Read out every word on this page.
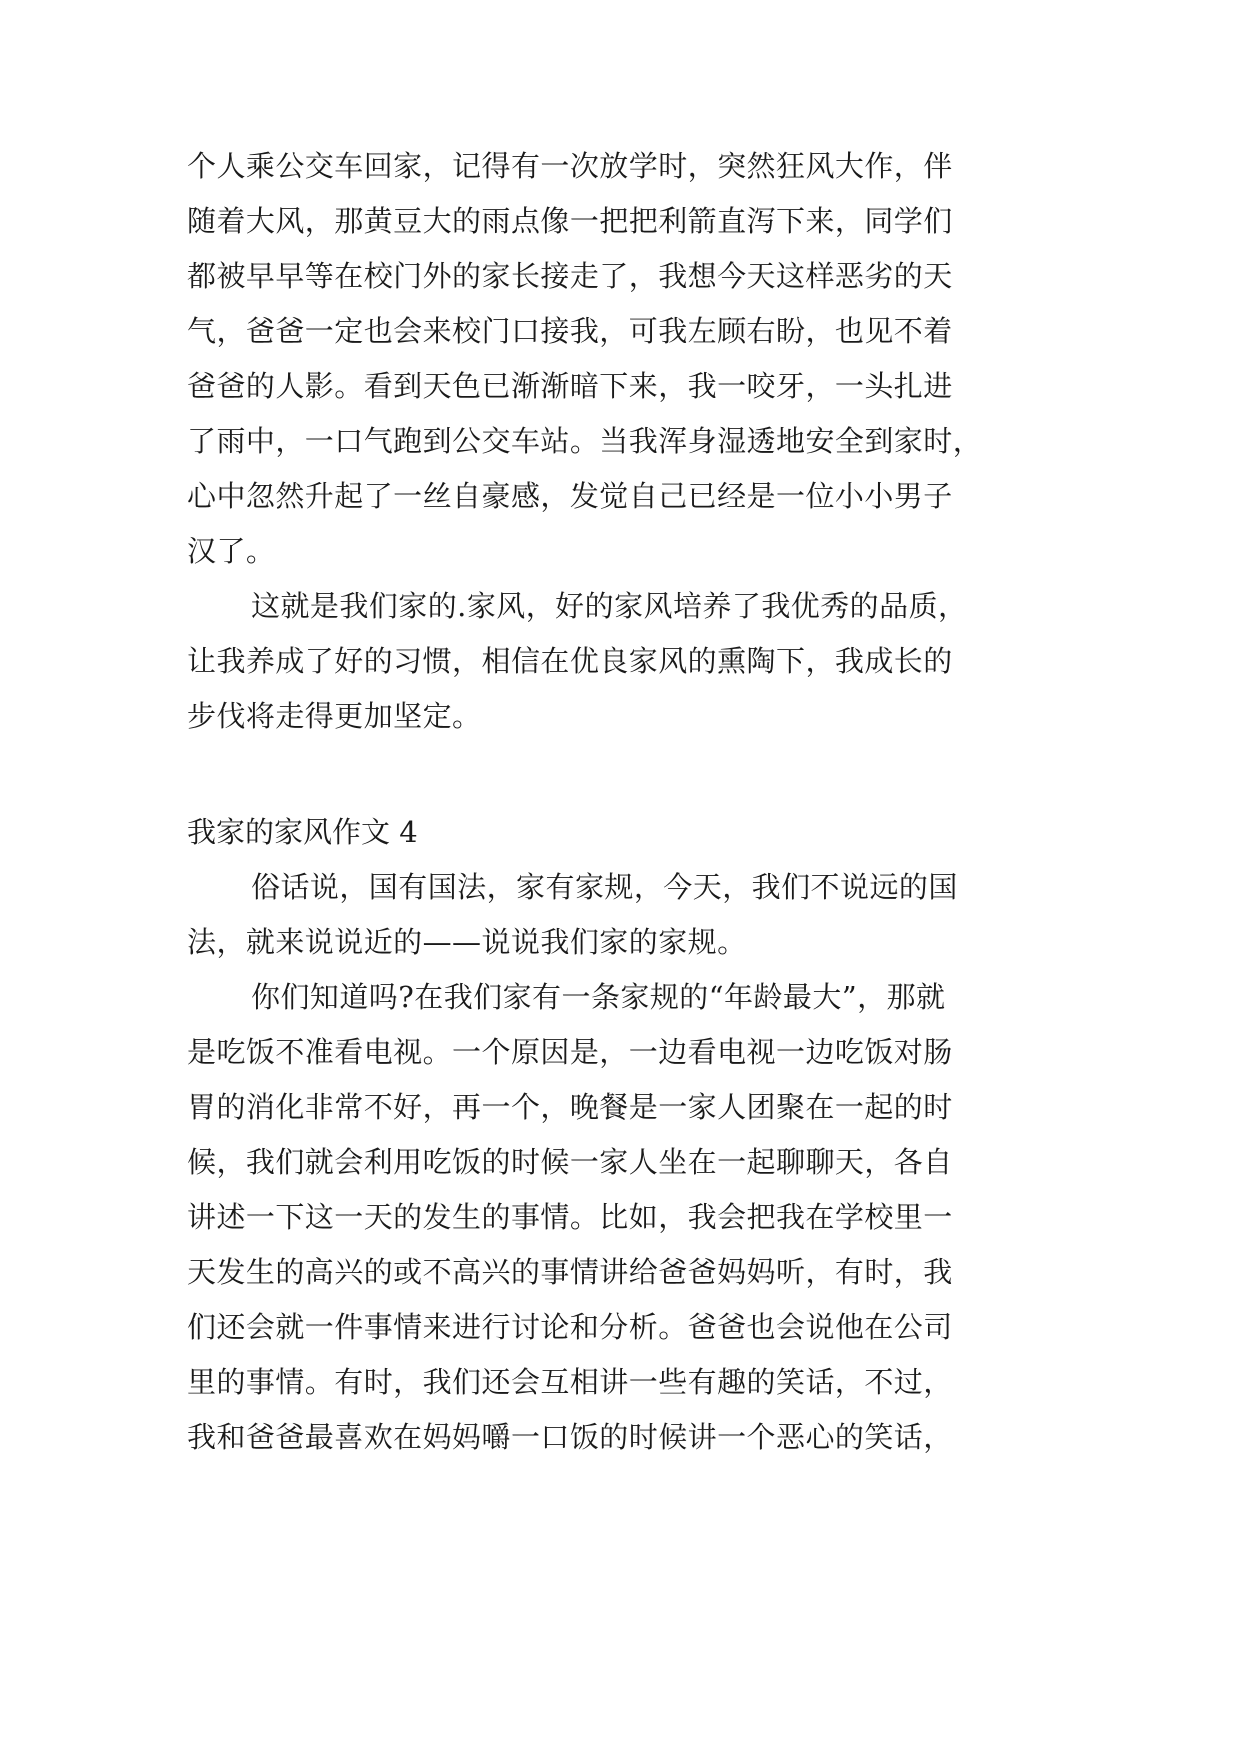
个人乘公交车回家，记得有一次放学时，突然狂风大作，伴
随着大风，那黄豆大的雨点像一把把利箭直泻下来，同学们
都被早早等在校门外的家长接走了，我想今天这样恶劣的天
气，爸爸一定也会来校门口接我，可我左顾右盼，也见不着
爸爸的人影。看到天色已渐渐暗下来，我一咬牙，一头扎进
了雨中，一口气跑到公交车站。当我浑身湿透地安全到家时，
心中忽然升起了一丝自豪感，发觉自己已经是一位小小男子
汉了。
这就是我们家的.家风，好的家风培养了我优秀的品质，
让我养成了好的习惯，相信在优良家风的熏陶下，我成长的
步伐将走得更加坚定。
我家的家风作文 4
俗话说，国有国法，家有家规，今天，我们不说远的国
法，就来说说近的——说说我们家的家规。
你们知道吗?在我们家有一条家规的“年龄最大”，那就
是吃饭不准看电视。一个原因是，一边看电视一边吃饭对肠
胃的消化非常不好，再一个，晚餐是一家人团聚在一起的时
候，我们就会利用吃饭的时候一家人坐在一起聊聊天，各自
讲述一下这一天的发生的事情。比如，我会把我在学校里一
天发生的高兴的或不高兴的事情讲给爸爸妈妈听，有时，我
们还会就一件事情来进行讨论和分析。爸爸也会说他在公司
里的事情。有时，我们还会互相讲一些有趣的笑话，不过，
我和爸爸最喜欢在妈妈嚼一口饭的时候讲一个恶心的笑话，
